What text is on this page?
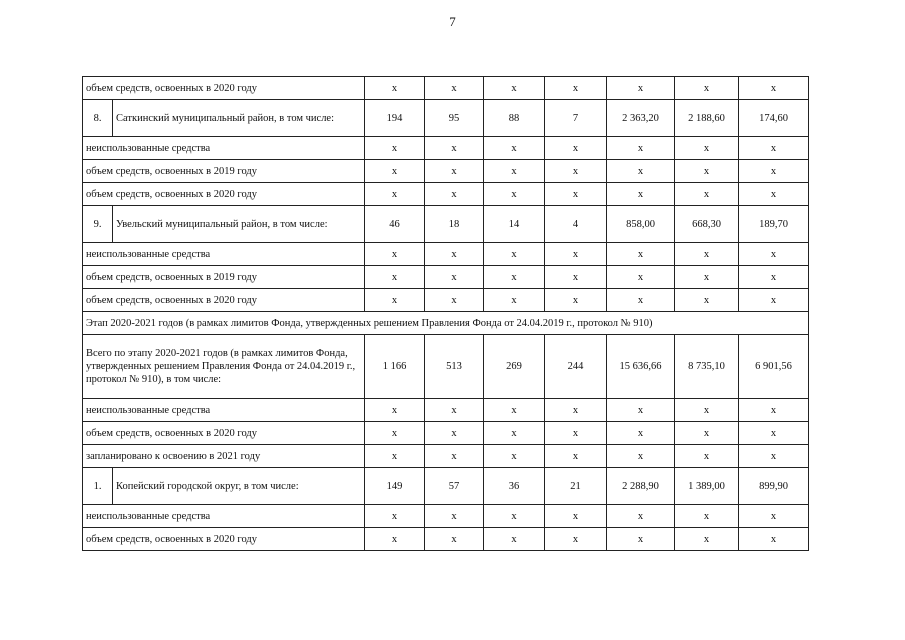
7
объем средств, освоенных в 2020 году		x	x	x	x	x	x	x
8.	Саткинский муниципальный район, в том числе:	194	95	88	7	2 363,20	2 188,60	174,60
неиспользованные средства		x	x	x	x	x	x	x
объем средств, освоенных в 2019 году		x	x	x	x	x	x	x
объем средств, освоенных в 2020 году		x	x	x	x	x	x	x
9.	Увельский муниципальный район, в том числе:	46	18	14	4	858,00	668,30	189,70
неиспользованные средства		x	x	x	x	x	x	x
объем средств, освоенных в 2019 году		x	x	x	x	x	x	x
объем средств, освоенных в 2020 году		x	x	x	x	x	x	x
Этап 2020-2021 годов (в рамках лимитов Фонда, утвержденных решением Правления Фонда от 24.04.2019 г., протокол № 910)								
Всего по этапу 2020-2021 годов (в рамках лимитов Фонда, утвержденных решением Правления Фонда от 24.04.2019 г., протокол № 910), в том числе:		1 166	513	269	244	15 636,66	8 735,10	6 901,56
неиспользованные средства		x	x	x	x	x	x	x
объем средств, освоенных в 2020 году		x	x	x	x	x	x	x
запланировано к освоению в 2021 году		x	x	x	x	x	x	x
1.	Копейский городской округ, в том числе:	149	57	36	21	2 288,90	1 389,00	899,90
неиспользованные средства		x	x	x	x	x	x	x
объем средств, освоенных в 2020 году		x	x	x	x	x	x	x
